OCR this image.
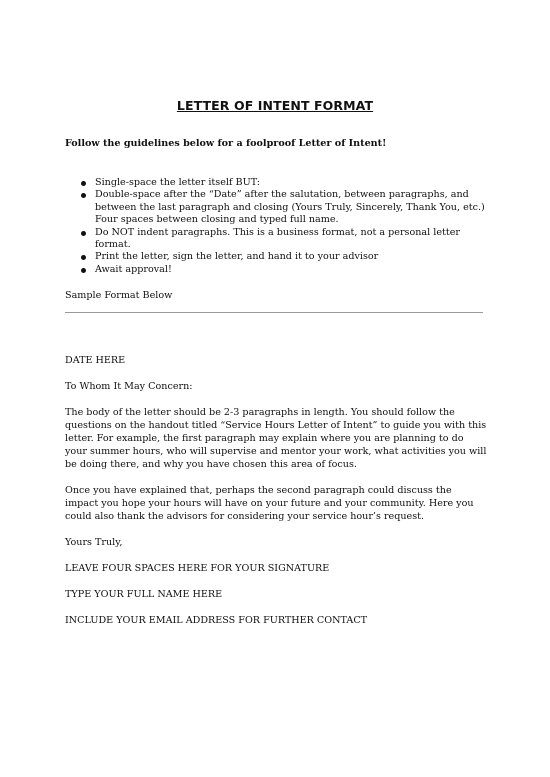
LETTER OF INTENT FORMAT
Follow the guidelines below for a foolproof Letter of Intent!
Single-space the letter itself BUT:
Double-space after the “Date” after the salutation, between paragraphs, and between the last paragraph and closing (Yours Truly, Sincerely, Thank You, etc.) Four spaces between closing and typed full name.
Do NOT indent paragraphs. This is a business format, not a personal letter format.
Print the letter, sign the letter, and hand it to your advisor
Await approval!
Sample Format Below

DATE HERE

To Whom It May Concern:

The body of the letter should be 2-3 paragraphs in length. You should follow the questions on the handout titled “Service Hours Letter of Intent” to guide you with this letter. For example, the first paragraph may explain where you are planning to do your summer hours, who will supervise and mentor your work, what activities you will be doing there, and why you have chosen this area of focus.

Once you have explained that, perhaps the second paragraph could discuss the impact you hope your hours will have on your future and your community. Here you could also thank the advisors for considering your service hour’s request.

Yours Truly,

LEAVE FOUR SPACES HERE FOR YOUR SIGNATURE

TYPE YOUR FULL NAME HERE

INCLUDE YOUR EMAIL ADDRESS FOR FURTHER CONTACT
